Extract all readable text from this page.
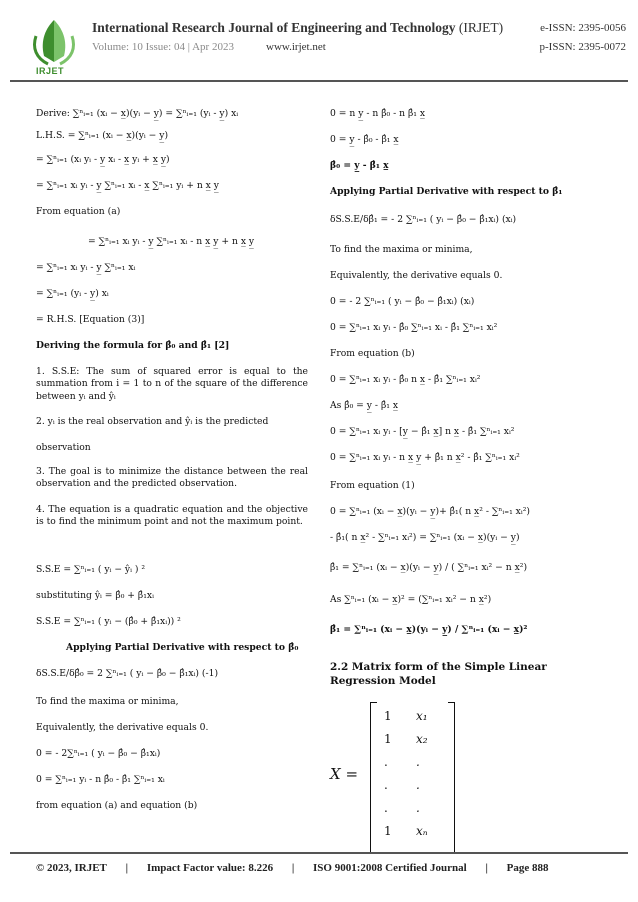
IRJET
International Research Journal of Engineering and Technology (IRJET)	e-ISSN: 2395-0056
Volume: 10 Issue: 04 | Apr 2023	www.irjet.net	p-ISSN: 2395-0072
Derive: ∑ⁿᵢ₌₁ (xᵢ − x̲)(yᵢ − y̲) = ∑ⁿᵢ₌₁ (yᵢ - y̲) xᵢ
L.H.S. = ∑ⁿᵢ₌₁ (xᵢ − x̲)(yᵢ − y̲)
= ∑ⁿᵢ₌₁ (xᵢ yᵢ - y̲ xᵢ - x̲ yᵢ + x̲ y̲)
= ∑ⁿᵢ₌₁ xᵢ yᵢ - y̲ ∑ⁿᵢ₌₁ xᵢ - x̲ ∑ⁿᵢ₌₁ yᵢ + n x̲ y̲
From equation (a)
= ∑ⁿᵢ₌₁ xᵢ yᵢ - y̲ ∑ⁿᵢ₌₁ xᵢ - n x̲ y̲ + n x̲ y̲
= ∑ⁿᵢ₌₁ xᵢ yᵢ - y̲ ∑ⁿᵢ₌₁ xᵢ
= ∑ⁿᵢ₌₁ (yᵢ - y̲) xᵢ
= R.H.S. [Equation (3)]
Deriving the formula for β̂₀ and β̂₁ [2]
1. S.S.E: The sum of squared error is equal to the summation from i = 1 to n of the square of the difference between yᵢ and ŷᵢ
2. yᵢ is the real observation and ŷᵢ is the predicted
observation
3. The goal is to minimize the distance between the real observation and the predicted observation.
4. The equation is a quadratic equation and the objective is to find the minimum point and not the maximum point.
S.S.E = ∑ⁿᵢ₌₁ ( yᵢ − ŷᵢ ) ²
substituting ŷᵢ = β̂₀ + β̂₁xᵢ
S.S.E = ∑ⁿᵢ₌₁ ( yᵢ − (β̂₀ + β̂₁xᵢ)) ²
Applying Partial Derivative with respect to β̂₀
δS.S.E/δβ̂₀ = 2 ∑ⁿᵢ₌₁ ( yᵢ − β̂₀ − β̂₁xᵢ) (-1)
To find the maxima or minima,
Equivalently, the derivative equals 0.
0 = - 2∑ⁿᵢ₌₁ ( yᵢ − β̂₀ − β̂₁xᵢ)
0 = ∑ⁿᵢ₌₁ yᵢ - n β̂₀ - β̂₁ ∑ⁿᵢ₌₁ xᵢ
from equation (a) and equation (b)
0 = n y̲ - n β̂₀ - n β̂₁ x̲
0 = y̲ - β̂₀ - β̂₁ x̲
β̂₀ = y̲ - β̂₁ x̲
Applying Partial Derivative with respect to β̂₁
δS.S.E/δβ̂₁ = - 2 ∑ⁿᵢ₌₁ ( yᵢ − β̂₀ − β̂₁xᵢ) (xᵢ)
To find the maxima or minima,
Equivalently, the derivative equals 0.
0 = - 2 ∑ⁿᵢ₌₁ ( yᵢ − β̂₀ − β̂₁xᵢ) (xᵢ)
0 = ∑ⁿᵢ₌₁ xᵢ yᵢ - β̂₀ ∑ⁿᵢ₌₁ xᵢ - β̂₁ ∑ⁿᵢ₌₁ xᵢ²
From equation (b)
0 = ∑ⁿᵢ₌₁ xᵢ yᵢ - β̂₀ n x̲ - β̂₁ ∑ⁿᵢ₌₁ xᵢ²
As β̂₀ = y̲ - β̂₁ x̲
0 = ∑ⁿᵢ₌₁ xᵢ yᵢ - [y̲ − β̂₁ x̲] n x̲ - β̂₁ ∑ⁿᵢ₌₁ xᵢ²
0 = ∑ⁿᵢ₌₁ xᵢ yᵢ - n x̲ y̲ + β̂₁ n x̲² - β̂₁ ∑ⁿᵢ₌₁ xᵢ²
From equation (1)
0 = ∑ⁿᵢ₌₁ (xᵢ − x̲)(yᵢ − y̲)+ β̂₁( n x̲² - ∑ⁿᵢ₌₁ xᵢ²)
- β̂₁( n x̲² - ∑ⁿᵢ₌₁ xᵢ²) = ∑ⁿᵢ₌₁ (xᵢ − x̲)(yᵢ − y̲)
β̂₁ = ∑ⁿᵢ₌₁ (xᵢ − x̲)(yᵢ − y̲) / ( ∑ⁿᵢ₌₁ xᵢ² − n x̲²)
As ∑ⁿᵢ₌₁ (xᵢ − x̲)² = (∑ⁿᵢ₌₁ xᵢ² − n x̲²)
β̂₁ = ∑ⁿᵢ₌₁ (xᵢ − x̲)(yᵢ − y̲) / ∑ⁿᵢ₌₁ (xᵢ − x̲)²
2.2 Matrix form of the Simple Linear Regression Model
X =
1 x₁
1 x₂
. .
. .
. .
1 xₙ
© 2023, IRJET | Impact Factor value: 8.226 | ISO 9001:2008 Certified Journal | Page 888
